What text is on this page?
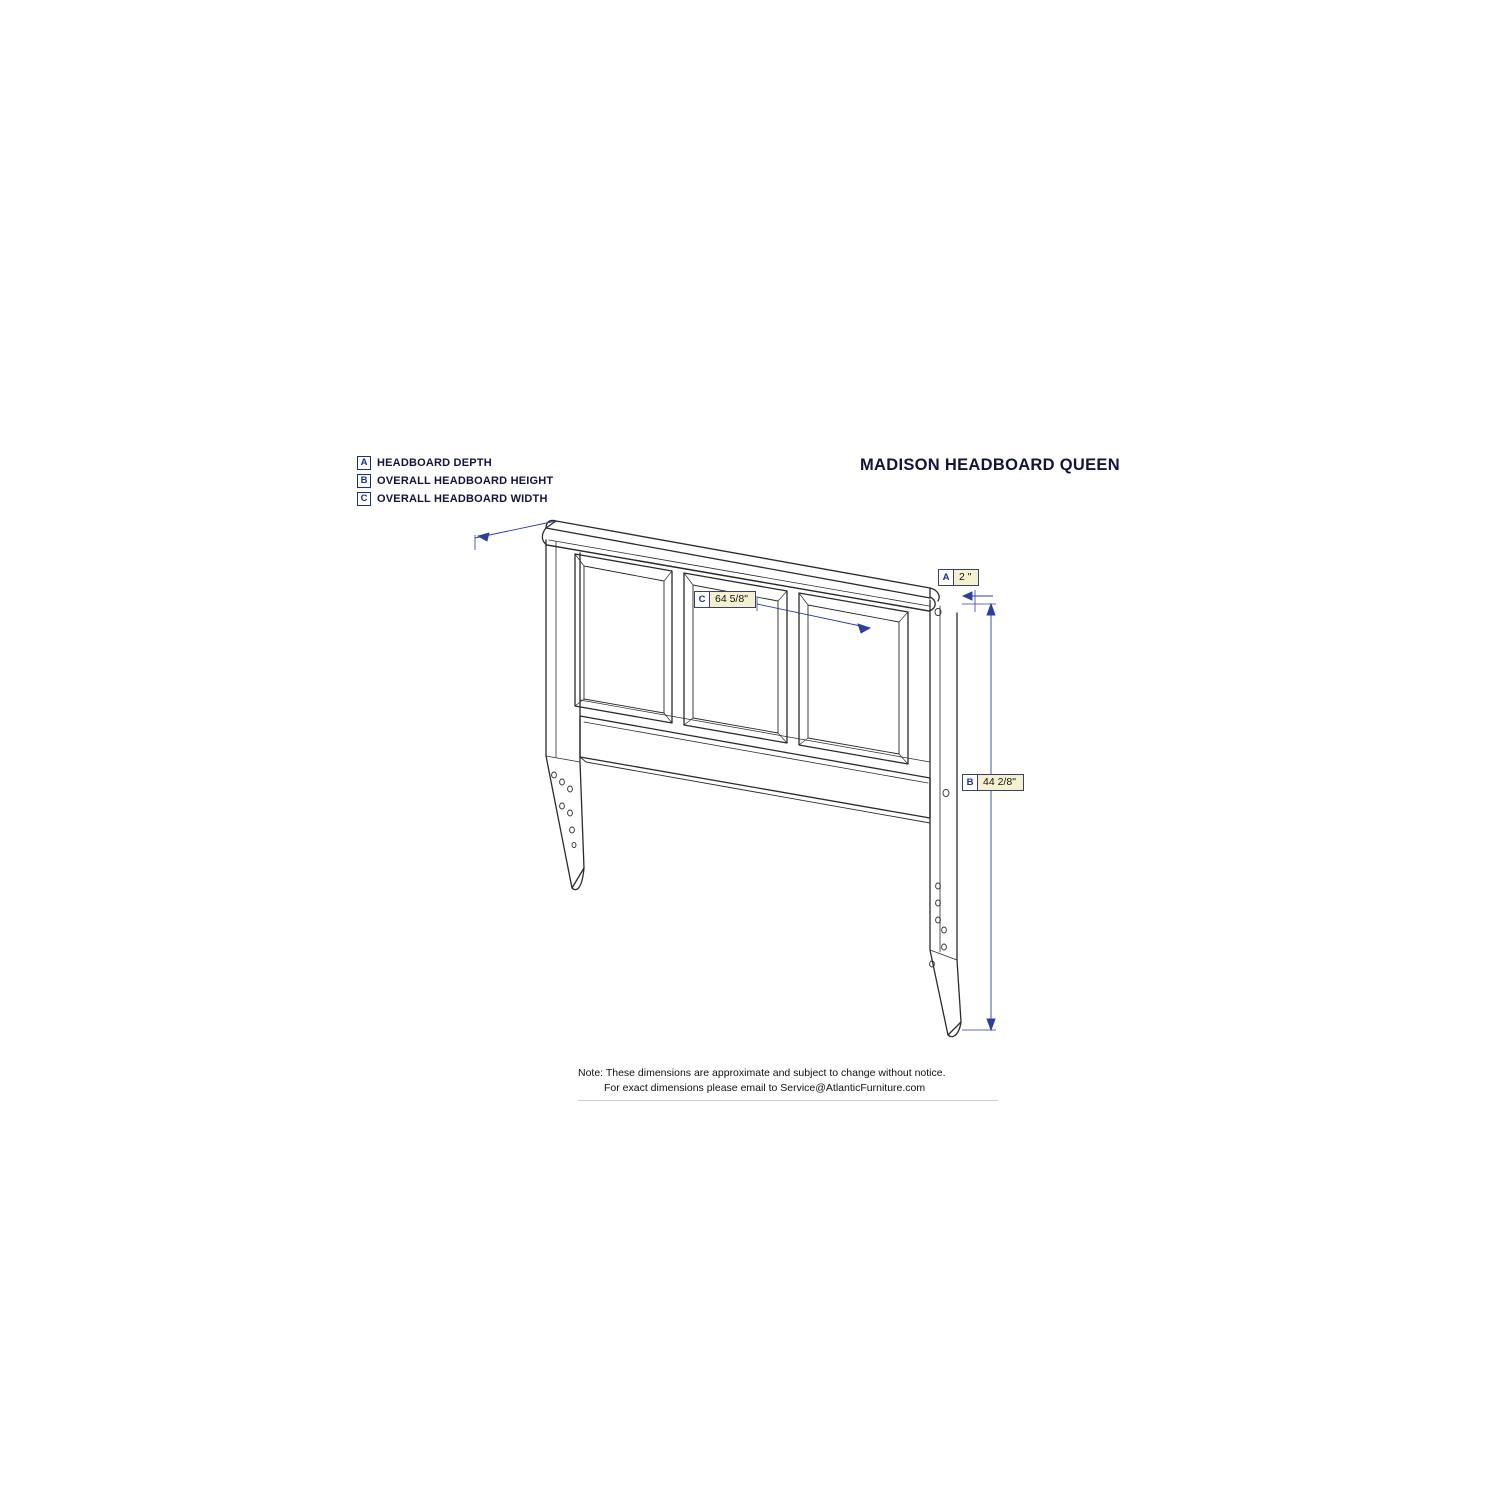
A HEADBOARD DEPTH
B OVERALL HEADBOARD HEIGHT
C OVERALL HEADBOARD WIDTH
MADISON HEADBOARD QUEEN
A 2 "
B 44 2/8"
C 64 5/8"
Note: These dimensions are approximate and subject to change without notice.
For exact dimensions please email to Service@AtlanticFurniture.com
